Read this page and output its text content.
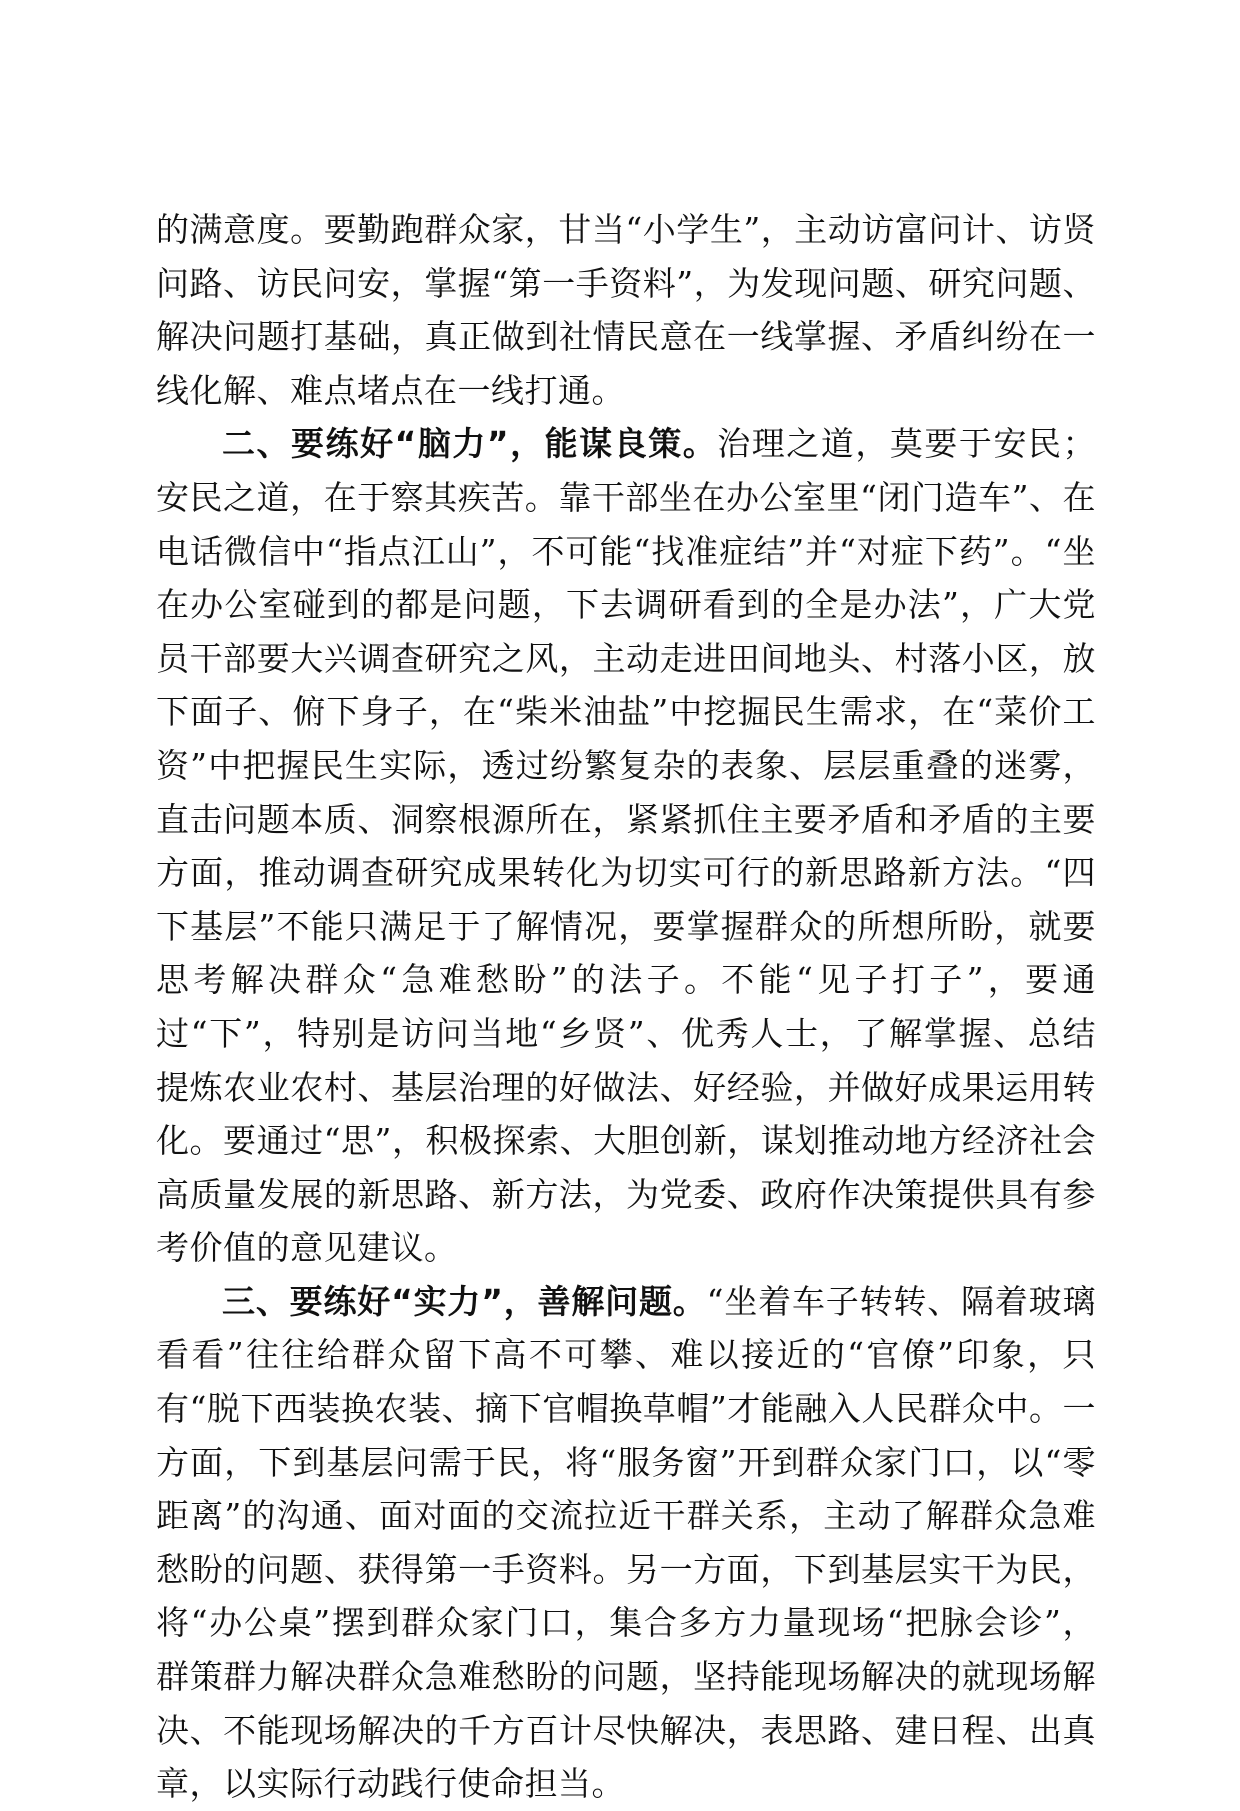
的满意度。要勤跑群众家，甘当“小学生”，主动访富问计、访贤问路、访民问安，掌握“第一手资料”，为发现问题、研究问题、解决问题打基础，真正做到社情民意在一线掌握、矛盾纠纷在一线化解、难点堵点在一线打通。

二、要练好“脑力”，能谋良策。治理之道，莫要于安民；安民之道，在于察其疾苦。靠干部坐在办公室里“闭门造车”、在电话微信中“指点江山”，不可能“找准症结”并“对症下药”。“坐在办公室碰到的都是问题，下去调研看到的全是办法”，广大党员干部要大兴调查研究之风，主动走进田间地头、村落小区，放下面子、俯下身子，在“柴米油盐”中挖掘民生需求，在“菜价工资”中把握民生实际，透过纷繁复杂的表象、层层重叠的迷雾，直击问题本质、洞察根源所在，紧紧抓住主要矛盾和矛盾的主要方面，推动调查研究成果转化为切实可行的新思路新方法。“四下基层”不能只满足于了解情况，要掌握群众的所想所盼，就要思考解决群众“急难愁盼”的法子。不能“见子打子”，要通过“下”，特别是访问当地“乡贤”、优秀人士，了解掌握、总结提炼农业农村、基层治理的好做法、好经验，并做好成果运用转化。要通过“思”，积极探索、大胆创新，谋划推动地方经济社会高质量发展的新思路、新方法，为党委、政府作决策提供具有参考价值的意见建议。

三、要练好“实力”，善解问题。“坐着车子转转、隔着玻璃看看”往往给群众留下高不可攀、难以接近的“官僚”印象，只有“脱下西装换农装、摘下官帽换草帽”才能融入人民群众中。一方面，下到基层问需于民，将“服务窗”开到群众家门口，以“零距离”的沟通、面对面的交流拉近干群关系，主动了解群众急难愁盼的问题、获得第一手资料。另一方面，下到基层实干为民，将“办公桌”摆到群众家门口，集合多方力量现场“把脉会诊”，群策群力解决群众急难愁盼的问题，坚持能现场解决的就现场解决、不能现场解决的千方百计尽快解决，表思路、建日程、出真章，以实际行动践行使命担当。
